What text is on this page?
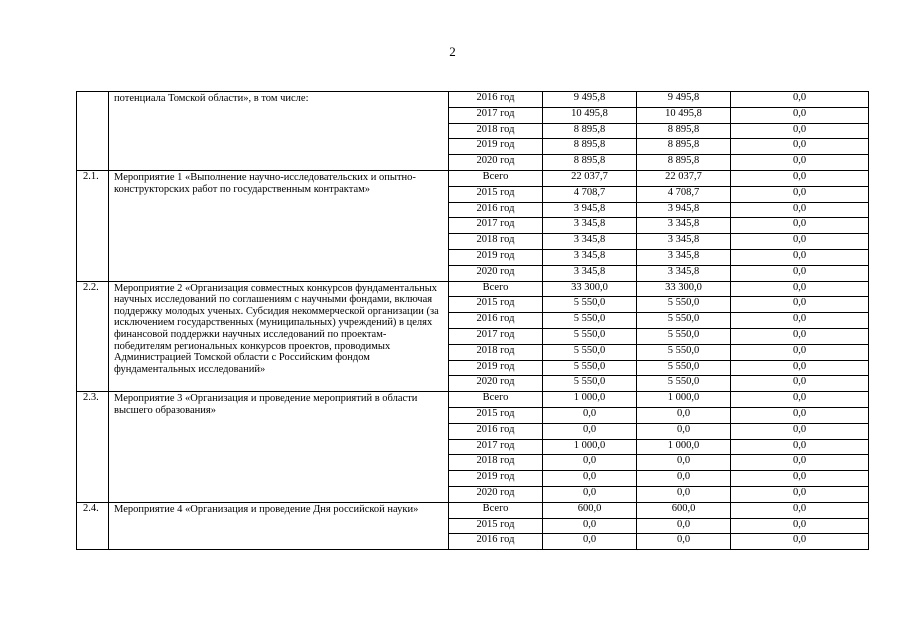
2
	потенциала Томской области», в том числе:	2016 год	9 495,8	9 495,8	0,0
		2017 год	10 495,8	10 495,8	0,0
		2018 год	8 895,8	8 895,8	0,0
		2019 год	8 895,8	8 895,8	0,0
		2020 год	8 895,8	8 895,8	0,0
2.1.	Мероприятие 1 «Выполнение научно-исследовательских и опытно-конструкторских работ по государственным контрактам»	Всего	22 037,7	22 037,7	0,0
		2015 год	4 708,7	4 708,7	0,0
		2016 год	3 945,8	3 945,8	0,0
		2017 год	3 345,8	3 345,8	0,0
		2018 год	3 345,8	3 345,8	0,0
		2019 год	3 345,8	3 345,8	0,0
		2020 год	3 345,8	3 345,8	0,0
2.2.	Мероприятие 2 «Организация совместных конкурсов фундаментальных научных исследований по соглашениям с научными фондами, включая поддержку молодых ученых. Субсидия некоммерческой организации (за исключением государственных (муниципальных) учреждений) в целях финансовой поддержки научных исследований по проектам-победителям региональных конкурсов проектов, проводимых Администрацией Томской области с Российским фондом фундаментальных исследований»	Всего	33 300,0	33 300,0	0,0
		2015 год	5 550,0	5 550,0	0,0
		2016 год	5 550,0	5 550,0	0,0
		2017 год	5 550,0	5 550,0	0,0
		2018 год	5 550,0	5 550,0	0,0
		2019 год	5 550,0	5 550,0	0,0
		2020 год	5 550,0	5 550,0	0,0
2.3.	Мероприятие 3 «Организация и проведение мероприятий в области высшего образования»	Всего	1 000,0	1 000,0	0,0
		2015 год	0,0	0,0	0,0
		2016 год	0,0	0,0	0,0
		2017 год	1 000,0	1 000,0	0,0
		2018 год	0,0	0,0	0,0
		2019 год	0,0	0,0	0,0
		2020 год	0,0	0,0	0,0
2.4.	Мероприятие 4 «Организация и проведение Дня российской науки»	Всего	600,0	600,0	0,0
		2015 год	0,0	0,0	0,0
		2016 год	0,0	0,0	0,0
